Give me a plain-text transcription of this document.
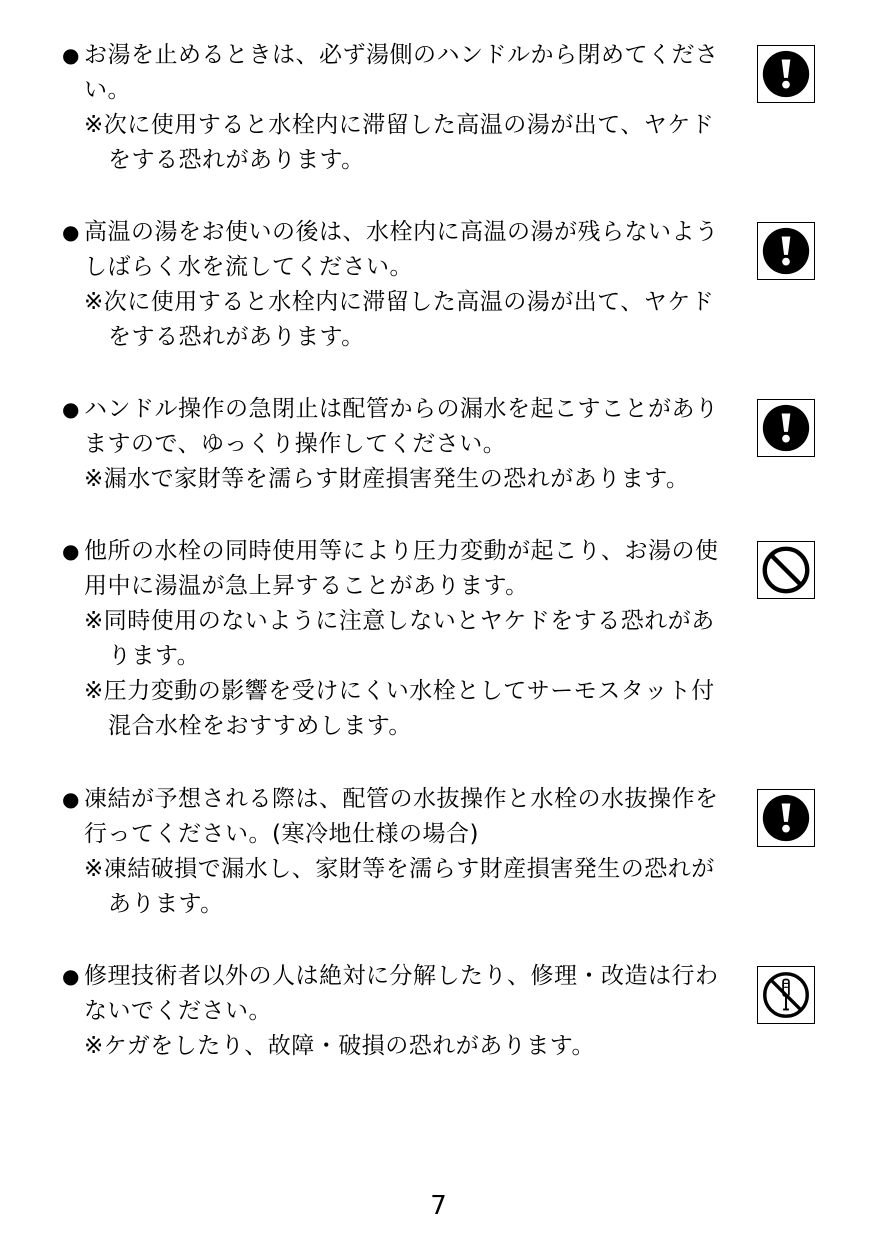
● お湯を止めるときは、必ず湯側のハンドルから閉めてくださ
い。
※次に使用すると水栓内に滞留した高温の湯が出て、ヤケド
をする恐れがあります。
● 高温の湯をお使いの後は、水栓内に高温の湯が残らないよう
しばらく水を流してください。
※次に使用すると水栓内に滞留した高温の湯が出て、ヤケド
をする恐れがあります。
● ハンドル操作の急閉止は配管からの漏水を起こすことがあり
ますので、ゆっくり操作してください。
※漏水で家財等を濡らす財産損害発生の恐れがあります。
● 他所の水栓の同時使用等により圧力変動が起こり、お湯の使
用中に湯温が急上昇することがあります。
※同時使用のないように注意しないとヤケドをする恐れがあ
ります。
※圧力変動の影響を受けにくい水栓としてサーモスタット付
混合水栓をおすすめします。
● 凍結が予想される際は、配管の水抜操作と水栓の水抜操作を
行ってください。(寒冷地仕様の場合)
※凍結破損で漏水し、家財等を濡らす財産損害発生の恐れが
あります。
● 修理技術者以外の人は絶対に分解したり、修理・改造は行わ
ないでください。
※ケガをしたり、故障・破損の恐れがあります。
7
